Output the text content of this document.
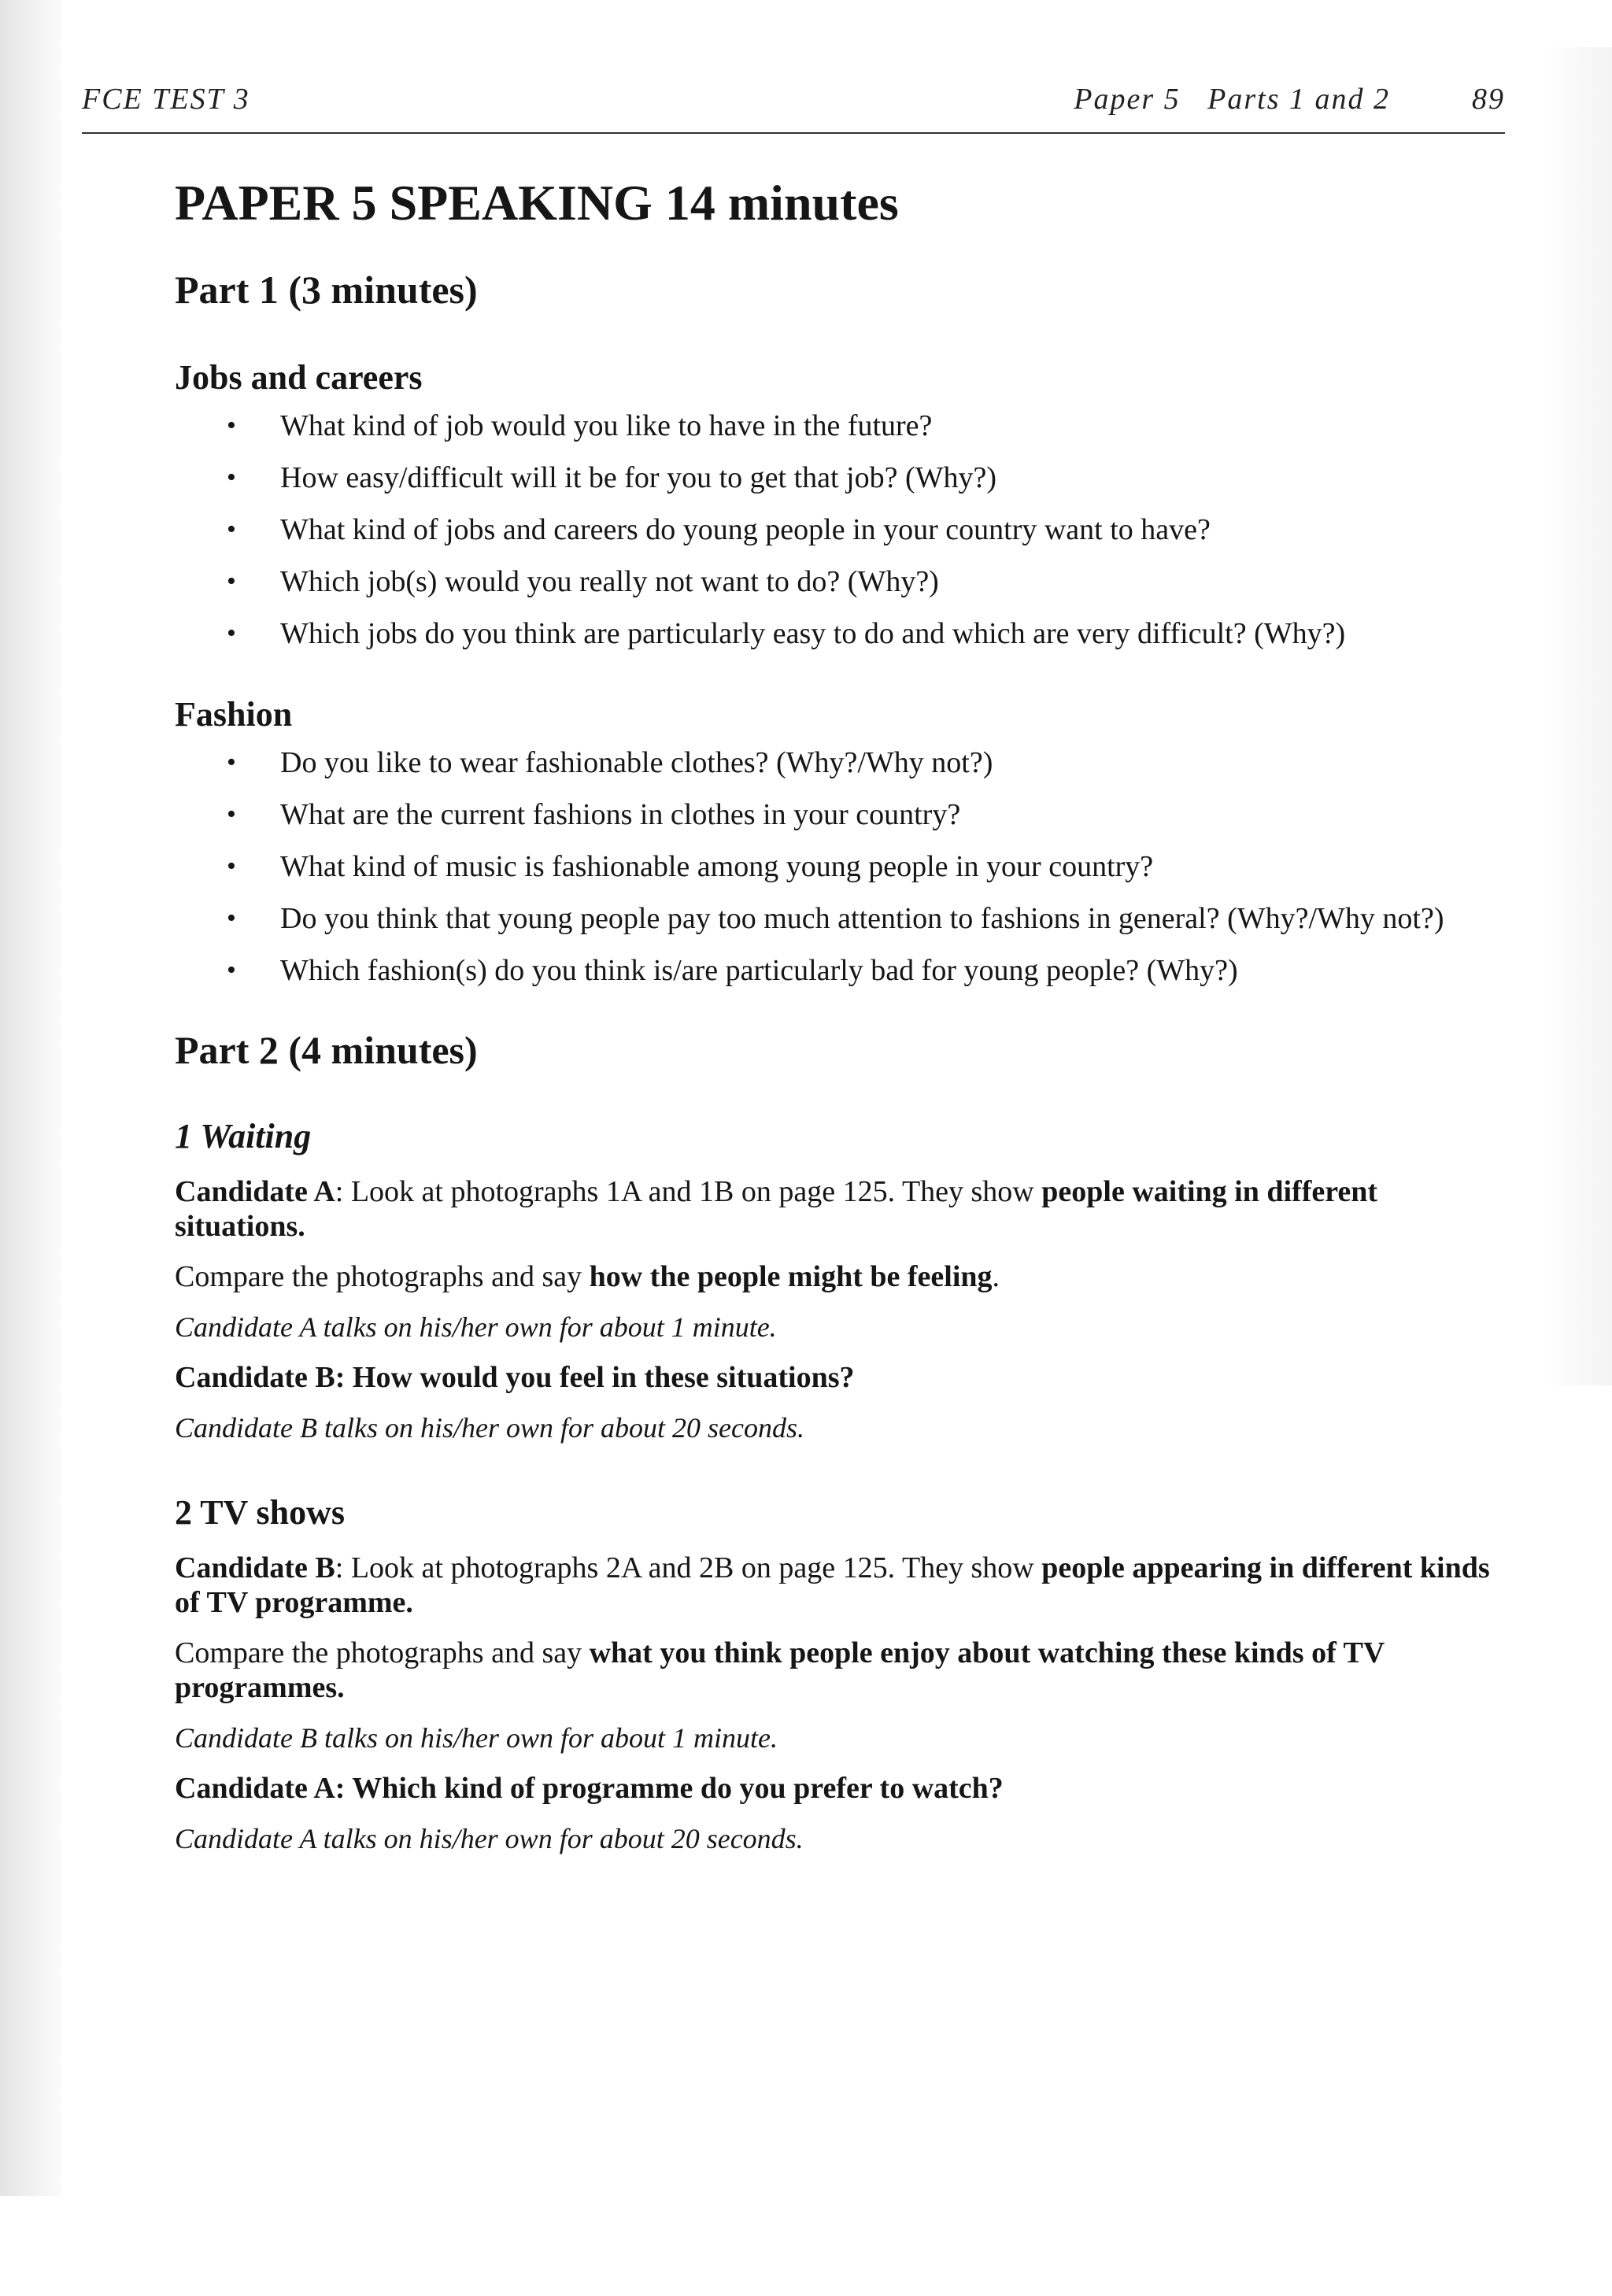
FCE TEST 3	Paper 5   Parts 1 and 2	89
PAPER 5 SPEAKING 14 minutes
Part 1 (3 minutes)
Jobs and careers
• What kind of job would you like to have in the future?
• How easy/difficult will it be for you to get that job? (Why?)
• What kind of jobs and careers do young people in your country want to have?
• Which job(s) would you really not want to do? (Why?)
• Which jobs do you think are particularly easy to do and which are very difficult? (Why?)
Fashion
• Do you like to wear fashionable clothes? (Why?/Why not?)
• What are the current fashions in clothes in your country?
• What kind of music is fashionable among young people in your country?
• Do you think that young people pay too much attention to fashions in general? (Why?/Why not?)
• Which fashion(s) do you think is/are particularly bad for young people? (Why?)
Part 2 (4 minutes)
1 Waiting

Candidate A: Look at photographs 1A and 1B on page 125. They show people waiting in different situations.

Compare the photographs and say how the people might be feeling.

Candidate A talks on his/her own for about 1 minute.

Candidate B: How would you feel in these situations?

Candidate B talks on his/her own for about 20 seconds.

2 TV shows

Candidate B: Look at photographs 2A and 2B on page 125. They show people appearing in different kinds of TV programme.

Compare the photographs and say what you think people enjoy about watching these kinds of TV programmes.

Candidate B talks on his/her own for about 1 minute.

Candidate A: Which kind of programme do you prefer to watch?

Candidate A talks on his/her own for about 20 seconds.
